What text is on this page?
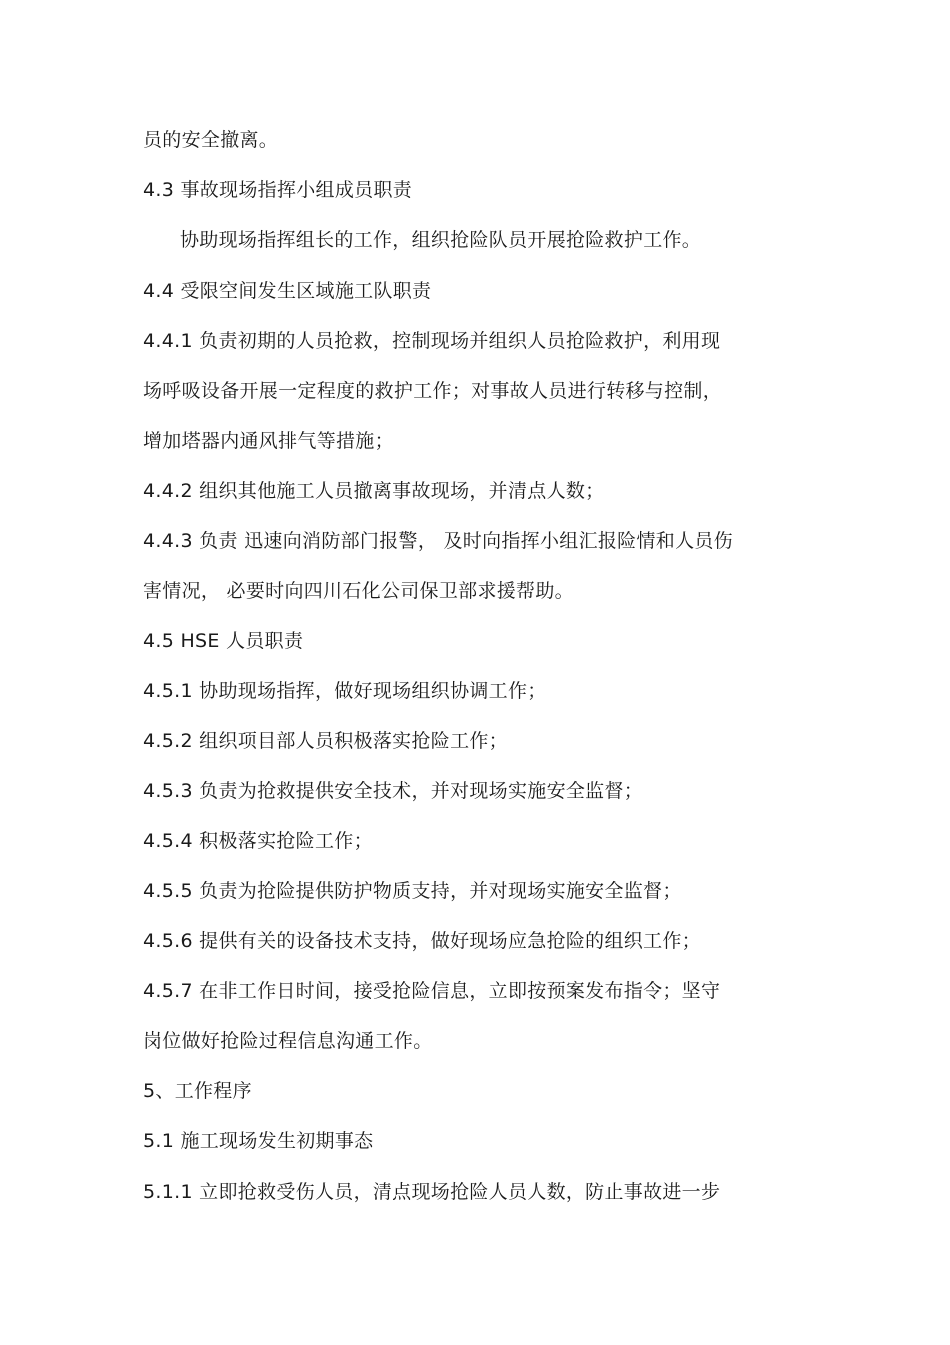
员的安全撤离。
4.3 事故现场指挥小组成员职责
协助现场指挥组长的工作，组织抢险队员开展抢险救护工作。
4.4 受限空间发生区域施工队职责
4.4.1 负责初期的人员抢救，控制现场并组织人员抢险救护，利用现
场呼吸设备开展一定程度的救护工作；对事故人员进行转移与控制，
增加塔器内通风排气等措施；
4.4.2 组织其他施工人员撤离事故现场，并清点人数；
4.4.3 负责 迅速向消防部门报警， 及时向指挥小组汇报险情和人员伤
害情况， 必要时向四川石化公司保卫部求援帮助。
4.5 HSE 人员职责
4.5.1 协助现场指挥，做好现场组织协调工作；
4.5.2 组织项目部人员积极落实抢险工作；
4.5.3 负责为抢救提供安全技术，并对现场实施安全监督；
4.5.4 积极落实抢险工作；
4.5.5 负责为抢险提供防护物质支持，并对现场实施安全监督；
4.5.6 提供有关的设备技术支持，做好现场应急抢险的组织工作；
4.5.7 在非工作日时间，接受抢险信息，立即按预案发布指令；坚守
岗位做好抢险过程信息沟通工作。
5、工作程序
5.1 施工现场发生初期事态
5.1.1 立即抢救受伤人员，清点现场抢险人员人数，防止事故进一步
